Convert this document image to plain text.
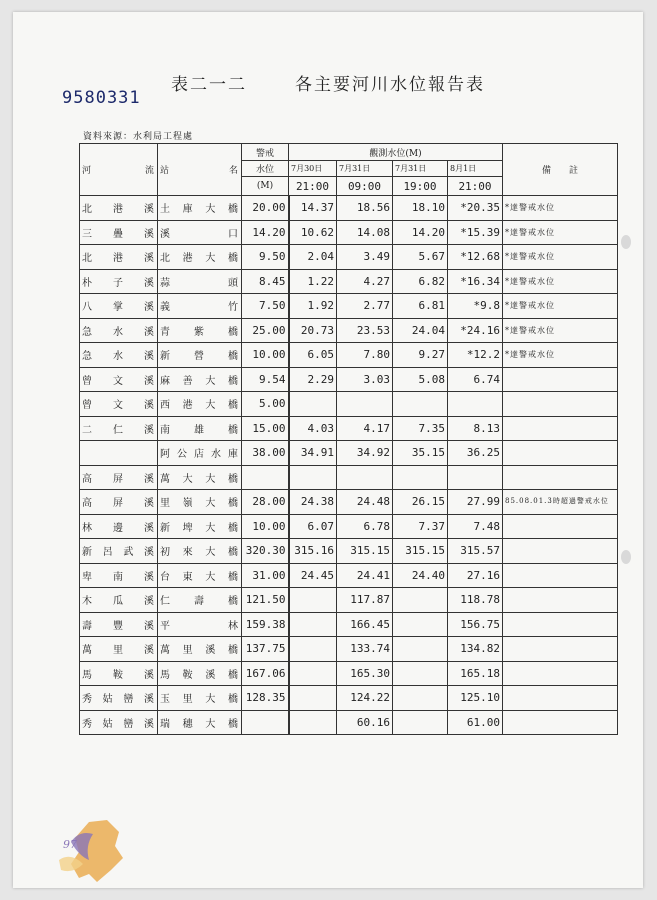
表二一二	各主要河川水位報告表
9580331
資料來源：水利局工程處
河　流	站　名	警戒	觀測水位(M)				備　　註
		水位	7月30日	7月31日	7月31日	8月1日	
		(M)	21:00	09:00	19:00	21:00	
北港溪	土庫大橋	20.00	14.37	18.56	18.10	*20.35	*達警戒水位
三疊溪	溪口	14.20	10.62	14.08	14.20	*15.39	*達警戒水位
北港溪	北港大橋	9.50	2.04	3.49	5.67	*12.68	*達警戒水位
朴子溪	蒜頭	8.45	1.22	4.27	6.82	*16.34	*達警戒水位
八掌溪	義竹	7.50	1.92	2.77	6.81	*9.8	*達警戒水位
急水溪	青紫橋	25.00	20.73	23.53	24.04	*24.16	*達警戒水位
急水溪	新營橋	10.00	6.05	7.80	9.27	*12.2	*達警戒水位
曾文溪	麻善大橋	9.54	2.29	3.03	5.08	6.74	
曾文溪	西港大橋	5.00					
二仁溪	南雄橋	15.00	4.03	4.17	7.35	8.13	
	阿公店水庫	38.00	34.91	34.92	35.15	36.25	
高屏溪	萬大大橋						
高屏溪	里嶺大橋	28.00	24.38	24.48	26.15	27.99	85.08.01.3時超過警戒水位
林邊溪	新埤大橋	10.00	6.07	6.78	7.37	7.48	
新呂武溪	初來大橋	320.30	315.16	315.15	315.15	315.57	
卑南溪	台東大橋	31.00	24.45	24.41	24.40	27.16	
木瓜溪	仁壽橋	121.50		117.87		118.78	
壽豐溪	平林	159.38		166.45		156.75	
萬里溪	萬里溪橋	137.75		133.74		134.82	
馬鞍溪	馬鞍溪橋	167.06		165.30		165.18	
秀姑巒溪	玉里大橋	128.35		124.22		125.10	
秀姑巒溪	瑞穗大橋			60.16		61.00	
97
